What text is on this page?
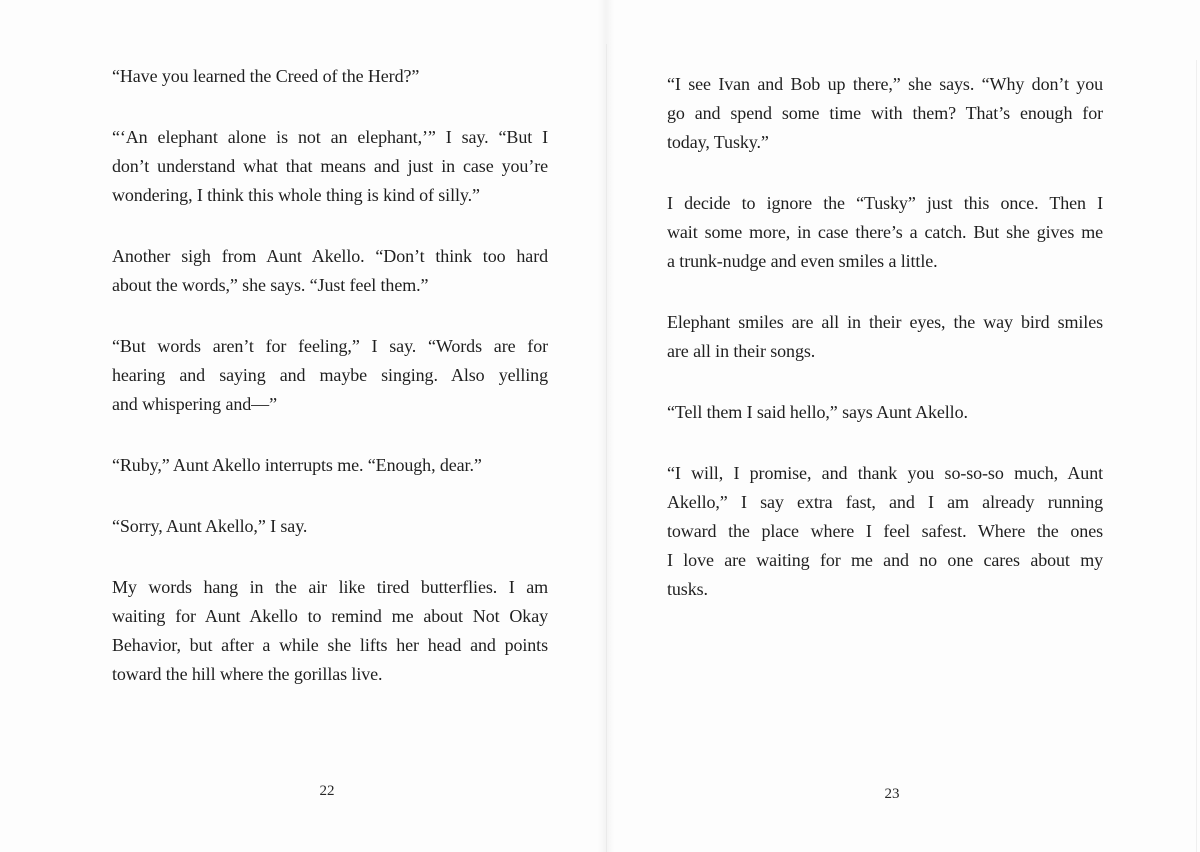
“Have you learned the Creed of the Herd?”
“‘An elephant alone is not an elephant,’” I say. “But I
don’t understand what that means and just in case you’re
wondering, I think this whole thing is kind of silly.”
Another sigh from Aunt Akello. “Don’t think too hard
about the words,” she says. “Just feel them.”
“But words aren’t for feeling,” I say. “Words are for
hearing and saying and maybe singing. Also yelling
and whispering and—”
“Ruby,” Aunt Akello interrupts me. “Enough, dear.”
“Sorry, Aunt Akello,” I say.
My words hang in the air like tired butterflies. I am
waiting for Aunt Akello to remind me about Not Okay
Behavior, but after a while she lifts her head and points
toward the hill where the gorillas live.
“I see Ivan and Bob up there,” she says. “Why don’t you
go and spend some time with them? That’s enough for
today, Tusky.”
I decide to ignore the “Tusky” just this once. Then I
wait some more, in case there’s a catch. But she gives me
a trunk-nudge and even smiles a little.
Elephant smiles are all in their eyes, the way bird smiles
are all in their songs.
“Tell them I said hello,” says Aunt Akello.
“I will, I promise, and thank you so-so-so much, Aunt
Akello,” I say extra fast, and I am already running
toward the place where I feel safest. Where the ones
I love are waiting for me and no one cares about my
tusks.
22	23
